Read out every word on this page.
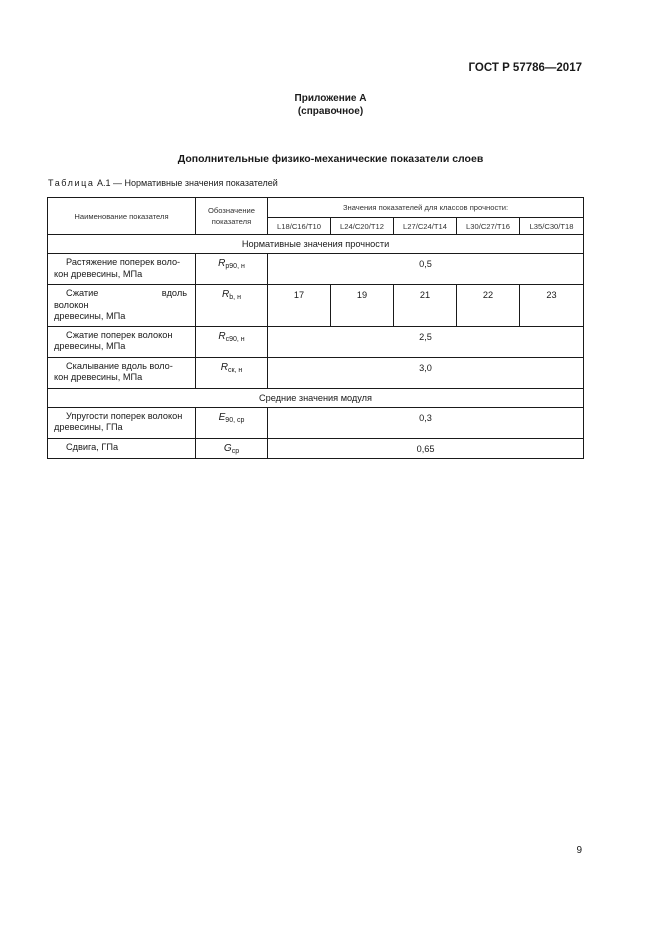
ГОСТ Р 57786—2017
Приложение А
(справочное)
Дополнительные физико-механические показатели слоев
Таблица А.1 — Нормативные значения показателей
Наименование показателя	Обозначение показателя	Значения показателей для классов прочности:				
		L18/C16/T10	L24/C20/T12	L27/C24/T14	L30/C27/T16	L35/C30/T18
Нормативные значения прочности						

Растяжение поперек воло-
кон древесины, МПа	$R_{р90, н}$	0,5				

Сжатие вдоль волокон
древесины, МПа	$R_{b, н}$	17	19	21	22	23

Сжатие поперек волокон
древесины, МПа	$R_{c90, н}$	2,5				

Скалывание вдоль воло-
кон древесины, МПа	$R_{ск, н}$	3,0				
Средние значения модуля						

Упругости поперек волокон
древесины, ГПа	$E_{90, ср}$	0,3				

Сдвига, ГПа	$G_{ср}$	0,65				
9
